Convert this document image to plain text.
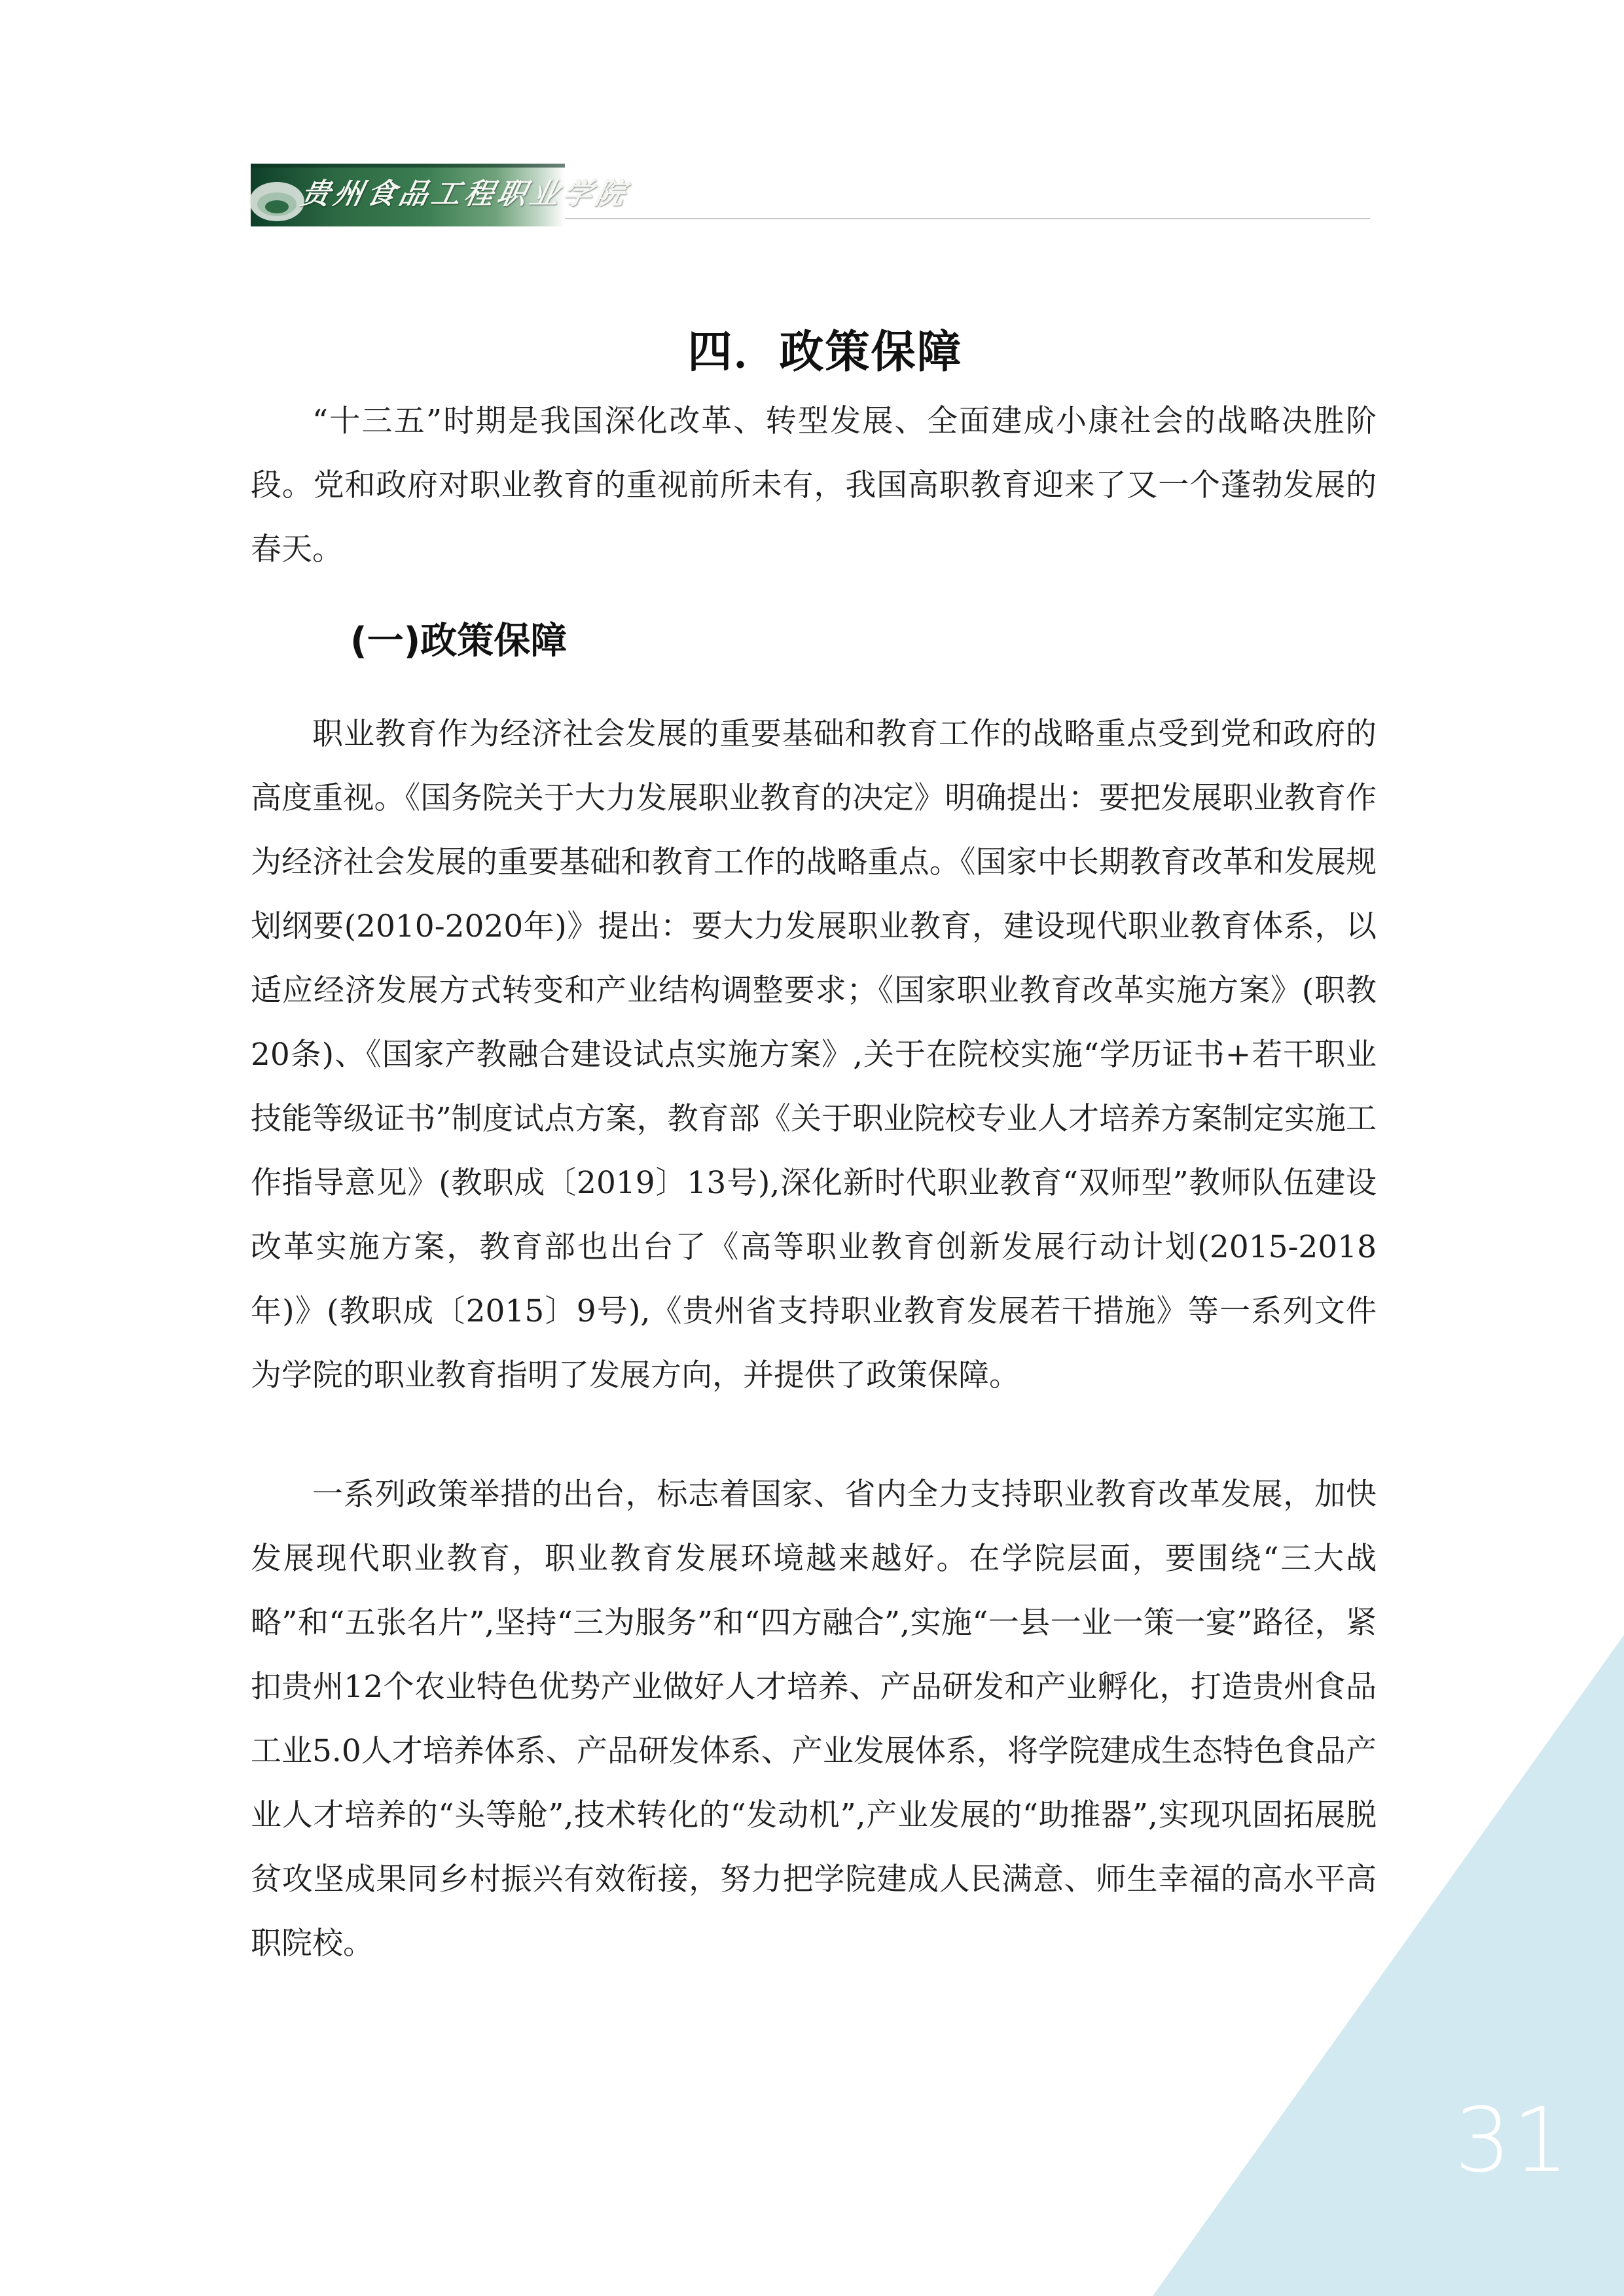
贵州食品工程职业学院
四．政策保障

“十三五”时期是我国深化改革、转型发展、全面建成小康社会的战略决胜阶段。党和政府对职业教育的重视前所未有，我国高职教育迎来了又一个蓬勃发展的春天。

(一)政策保障

职业教育作为经济社会发展的重要基础和教育工作的战略重点受到党和政府的高度重视。《国务院关于大力发展职业教育的决定》明确提出：要把发展职业教育作为经济社会发展的重要基础和教育工作的战略重点。《国家中长期教育改革和发展规划纲要(2010-2020年)》提出：要大力发展职业教育，建设现代职业教育体系，以适应经济发展方式转变和产业结构调整要求；《国家职业教育改革实施方案》(职教20条)、《国家产教融合建设试点实施方案》,关于在院校实施“学历证书+若干职业技能等级证书”制度试点方案，教育部《关于职业院校专业人才培养方案制定实施工作指导意见》(教职成〔2019〕13号),深化新时代职业教育“双师型”教师队伍建设改革实施方案，教育部也出台了《高等职业教育创新发展行动计划(2015-2018年)》(教职成〔2015〕9号),《贵州省支持职业教育发展若干措施》等一系列文件为学院的职业教育指明了发展方向，并提供了政策保障。

一系列政策举措的出台，标志着国家、省内全力支持职业教育改革发展，加快发展现代职业教育，职业教育发展环境越来越好。在学院层面，要围绕“三大战略”和“五张名片”,坚持“三为服务”和“四方融合”,实施“一县一业一策一宴”路径，紧扣贵州12个农业特色优势产业做好人才培养、产品研发和产业孵化，打造贵州食品工业5.0人才培养体系、产品研发体系、产业发展体系，将学院建成生态特色食品产业人才培养的“头等舱”,技术转化的“发动机”,产业发展的“助推器”,实现巩固拓展脱贫攻坚成果同乡村振兴有效衔接，努力把学院建成人民满意、师生幸福的高水平高职院校。

31
